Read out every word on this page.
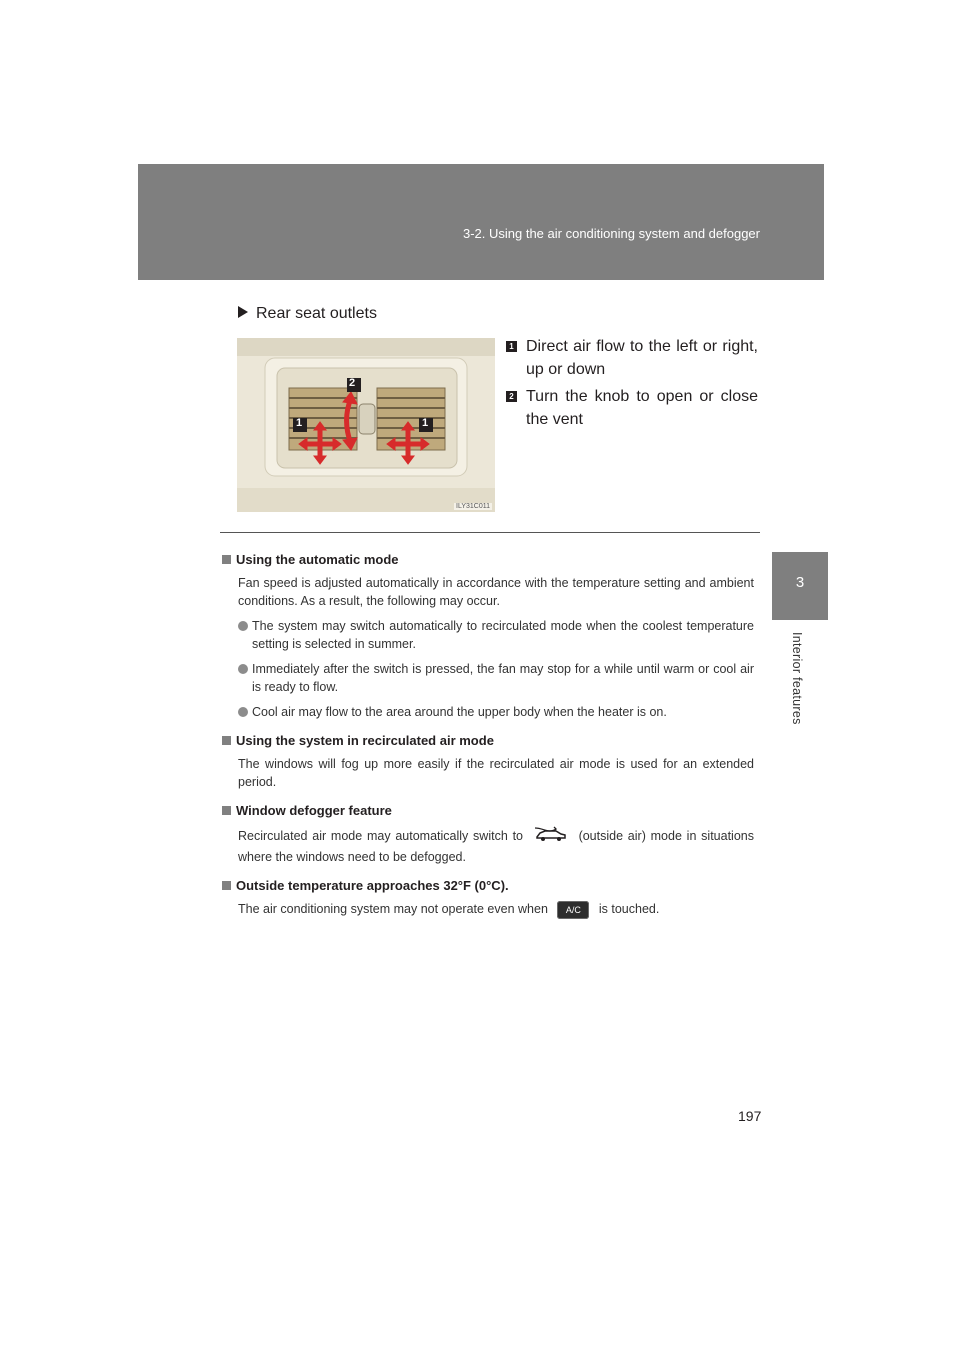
3-2. Using the air conditioning system and defogger
3
Interior features
Rear seat outlets
2
1	1
ILY31C011
1 Direct air flow to the left or right, up or down
2 Turn the knob to open or close the vent
Using the automatic mode
Fan speed is adjusted automatically in accordance with the temperature setting and ambient conditions. As a result, the following may occur.
The system may switch automatically to recirculated mode when the coolest temperature setting is selected in summer.
Immediately after the switch is pressed, the fan may stop for a while until warm or cool air is ready to flow.
Cool air may flow to the area around the upper body when the heater is on.
Using the system in recirculated air mode
The windows will fog up more easily if the recirculated air mode is used for an extended period.
Window defogger feature
Recirculated air mode may automatically switch to	(outside air) mode in situations where the windows need to be defogged.
Outside temperature approaches 32°F (0°C).
The air conditioning system may not operate even when A/C is touched.
197
